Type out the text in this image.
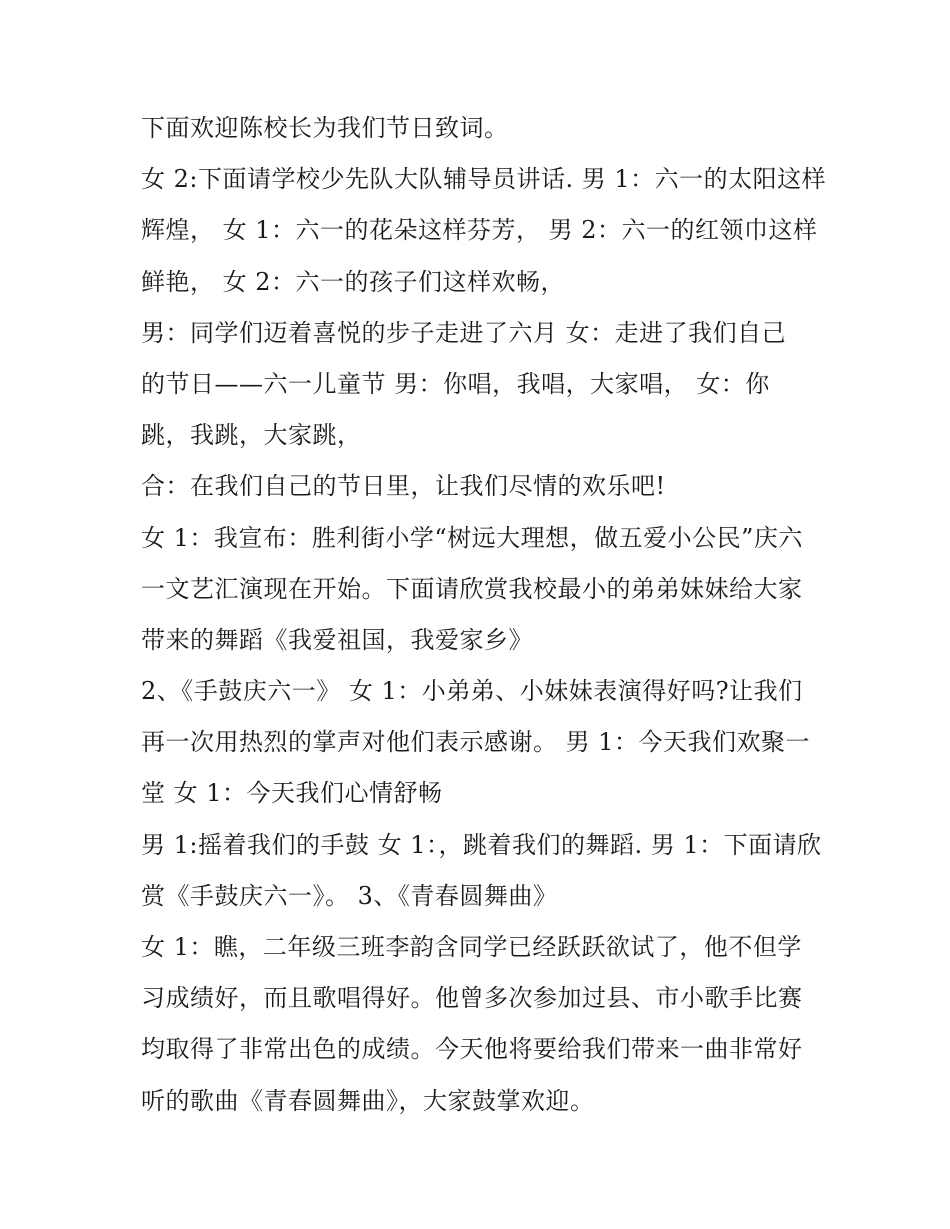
下面欢迎陈校长为我们节日致词。
女 2:下面请学校少先队大队辅导员讲话. 男 1：六一的太阳这样
辉煌， 女 1：六一的花朵这样芬芳， 男 2：六一的红领巾这样
鲜艳， 女 2：六一的孩子们这样欢畅，
男：同学们迈着喜悦的步子走进了六月 女：走进了我们自己
的节日——六一儿童节 男：你唱，我唱，大家唱， 女：你
跳，我跳，大家跳，
合：在我们自己的节日里，让我们尽情的欢乐吧!
女 1：我宣布：胜利街小学“树远大理想，做五爱小公民”庆六
一文艺汇演现在开始。下面请欣赏我校最小的弟弟妹妹给大家
带来的舞蹈《我爱祖国，我爱家乡》
2、《手鼓庆六一》 女 1：小弟弟、小妹妹表演得好吗?让我们
再一次用热烈的掌声对他们表示感谢。 男 1：今天我们欢聚一
堂 女 1：今天我们心情舒畅
男 1:摇着我们的手鼓 女 1：，跳着我们的舞蹈. 男 1：下面请欣
赏《手鼓庆六一》。 3、《青春圆舞曲》
女 1：瞧，二年级三班李韵含同学已经跃跃欲试了，他不但学
习成绩好，而且歌唱得好。他曾多次参加过县、市小歌手比赛
均取得了非常出色的成绩。今天他将要给我们带来一曲非常好
听的歌曲《青春圆舞曲》，大家鼓掌欢迎。
